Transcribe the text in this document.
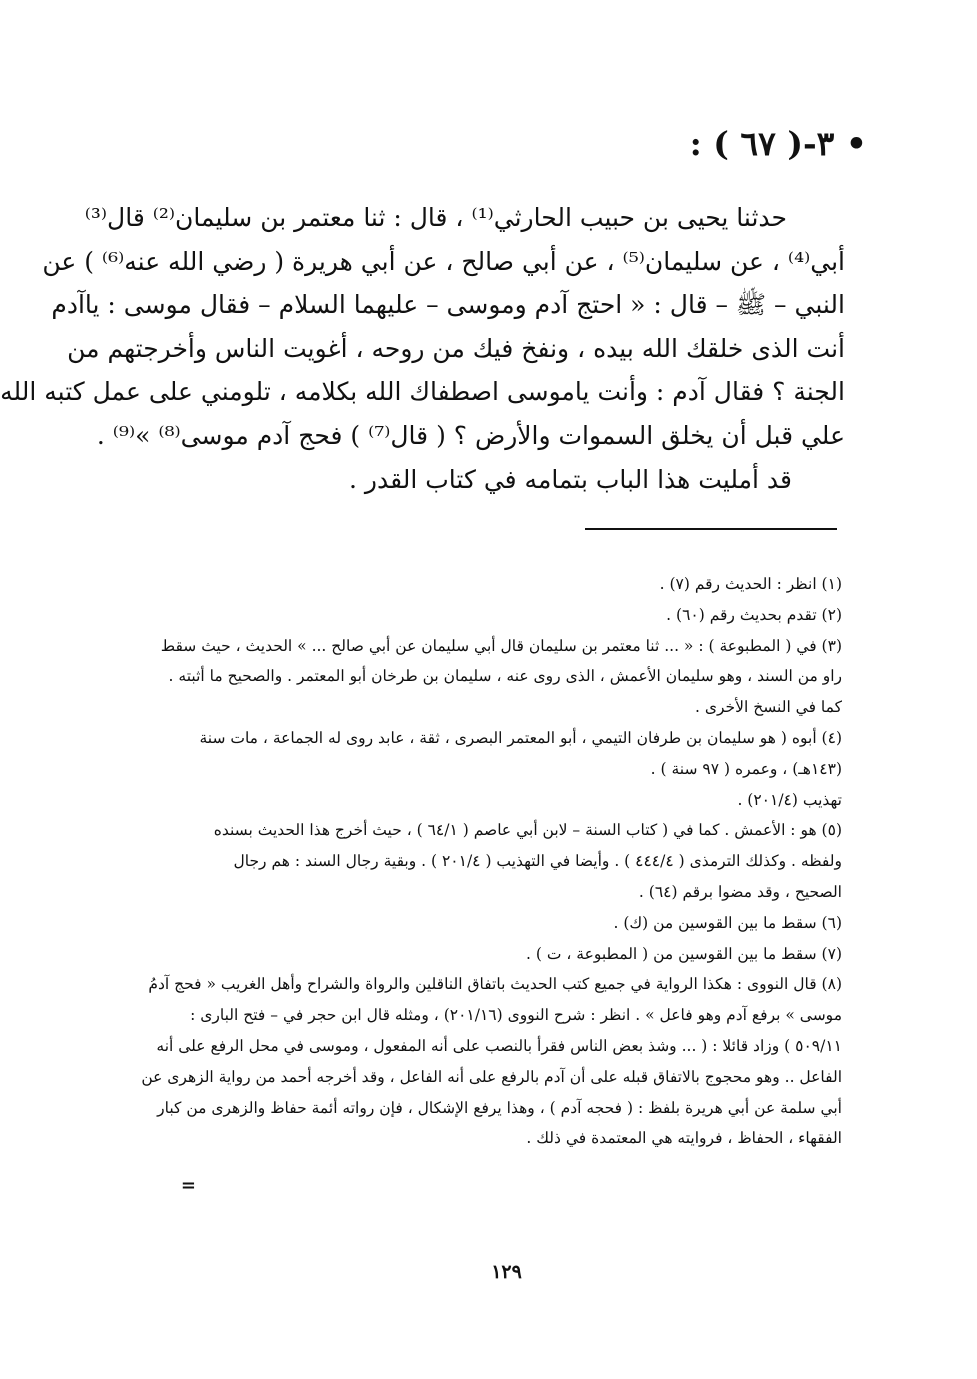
• ٣-( ٦٧ ) :
حدثنا يحيى بن حبيب الحارثي⁽¹⁾ ، قال : ثنا معتمر بن سليمان⁽²⁾ قال⁽³⁾
أبي⁽⁴⁾ ، عن سليمان⁽⁵⁾ ، عن أبي صالح ، عن أبي هريرة ( رضي الله عنه⁽⁶⁾ ) عن
النبي – ﷺ – قال : « احتج آدم وموسى – عليهما السلام – فقال موسى : ياآدم
أنت الذى خلقك الله بيده ، ونفخ فيك من روحه ، أغويت الناس وأخرجتهم من
الجنة ؟ فقال آدم : وأنت ياموسى اصطفاك الله بكلامه ، تلومني على عمل كتبه الله
علي قبل أن يخلق السموات والأرض ؟ ( قال⁽⁷⁾ ) فحج آدم موسى⁽⁸⁾ »⁽⁹⁾ .
قد أمليت هذا الباب بتمامه في كتاب القدر .
(١) انظر : الحديث رقم (٧) .
(٢) تقدم بحديث رقم (٦٠) .
(٣) في ( المطبوعة ) : « ... ثنا معتمر بن سليمان قال أبي سليمان عن أبي صالح ... » الحديث ، حيث سقط
راو من السند ، وهو سليمان الأعمش ، الذى روى عنه ، سليمان بن طرخان أبو المعتمر . والصحيح ما أثبته .
كما في النسخ الأخرى .
(٤) أبوه ( هو سليمان بن طرفان التيمي ، أبو المعتمر البصرى ، ثقة ، عابد روى له الجماعة ، مات سنة
(١٤٣هـ) ، وعمره ( ٩٧ سنة ) .
تهذيب (٢٠١/٤) .
(٥) هو : الأعمش . كما في ( كتاب السنة – لابن أبي عاصم ( ٦٤/١ ) ، حيث أخرج هذا الحديث بسنده
ولفظه . وكذلك الترمذى ( ٤٤٤/٤ ) . وأيضا في التهذيب ( ٢٠١/٤ ) . وبقية رجال السند : هم رجال
الصحيح ، وقد مضوا برقم (٦٤) .
(٦) سقط ما بين القوسين من (ك) .
(٧) سقط ما بين القوسين من ( المطبوعة ، ت ) .
(٨) قال النووى : هكذا الرواية في جميع كتب الحديث باتفاق الناقلين والرواة والشراح وأهل الغريب « فحج آدمُ
موسى » برفع آدم وهو فاعل » . انظر : شرح النووى (٢٠١/١٦) ، ومثله قال ابن حجر في – فتح البارى :
٥٠٩/١١ ) وزاد قائلا : ( ... وشذ بعض الناس فقرأ بالنصب على أنه المفعول ، وموسى في محل الرفع على أنه
الفاعل .. وهو محجوج بالاتفاق قبله على أن آدم بالرفع على أنه الفاعل ، وقد أخرجه أحمد من رواية الزهرى عن
أبي سلمة عن أبي هريرة بلفظ : ( فحجه آدم ) ، وهذا يرفع الإشكال ، فإن رواته أئمة حفاظ والزهرى من كبار
الفقهاء ، الحفاظ ، فروايته هي المعتمدة في ذلك .
=
١٢٩
